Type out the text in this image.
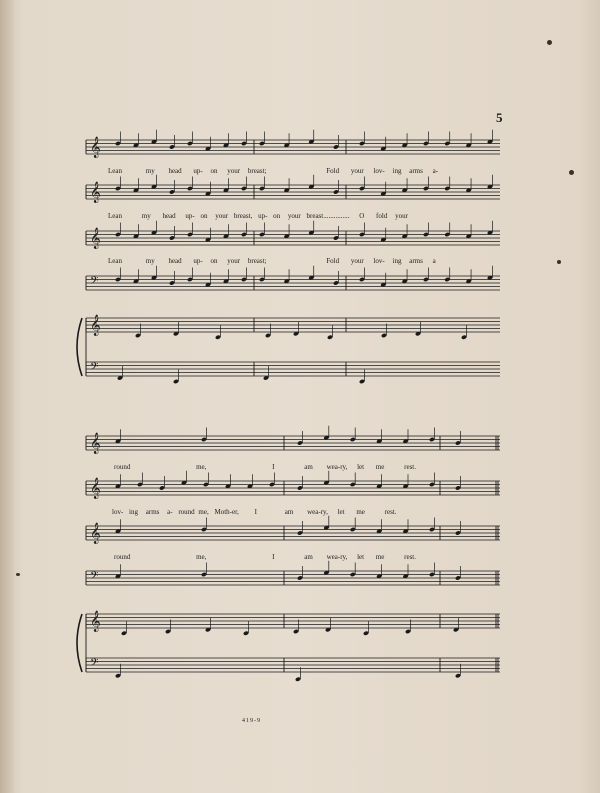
5
𝄞
𝄞
𝄞
𝄢
𝄞
𝄢
𝄞
𝄞
𝄞
𝄢
𝄞
𝄢
Lean	my head up- on your breast;	Fold your lov- ing arms a-
Lean	my head up- on your breast, up- on your breast............... O fold your
Lean	my head up- on your breast;	Fold your lov- ing arms a
round	me,	I	am wea-ry, let me	rest.
lov- ing arms a- round me, Moth-er, I	am wea-ry, let me	rest.
round	me,	I	am wea-ry, let me	rest.
419-9
